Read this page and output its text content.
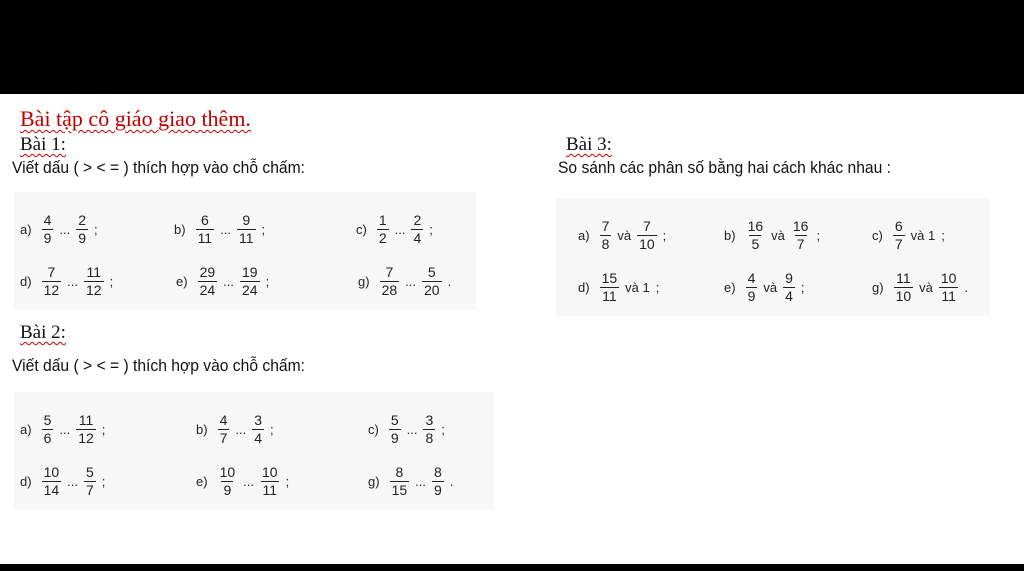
Bài tập cô giáo giao thêm.
Bài 1:
Viết dấu ( > < = ) thích hợp vào chỗ chấm:
Bài 3:
So sánh các phân số bằng hai cách khác nhau :
Bài 2:
Viết dấu ( > < = ) thích hợp vào chỗ chấm:
$a) \frac{4}{9}$ ... $\frac{2}{9}$ ;	$b) \frac{6}{11}$ ... $\frac{9}{11}$ ;	$c) \frac{1}{2}$ ... $\frac{2}{4}$ ;
$d) \frac{7}{12}$ ... $\frac{11}{12}$ ;	$e) \frac{29}{24}$ ... $\frac{19}{24}$ ;	$g) \frac{7}{28}$ ... $\frac{5}{20}$ .
$a) \frac{5}{6}$ ... $\frac{11}{12}$ ;	$b) \frac{4}{7}$ ... $\frac{3}{4}$ ;	$c) \frac{5}{9}$ ... $\frac{3}{8}$ ;
$d) \frac{10}{14}$ ... $\frac{5}{7}$ ;	$e) \frac{10}{9}$ ... $\frac{10}{11}$ ;	$g) \frac{8}{15}$ ... $\frac{8}{9}$ .
$a) \frac{7}{8}$ và $\frac{7}{10}$ ;	$b) \frac{16}{5}$ và $\frac{16}{7}$ ;	$c) \frac{6}{7}$ và 1 ;
$d) \frac{15}{11}$ và 1 ;	$e) \frac{4}{9}$ và $\frac{9}{4}$ ;	$g) \frac{11}{10}$ và $\frac{10}{11}$ .
